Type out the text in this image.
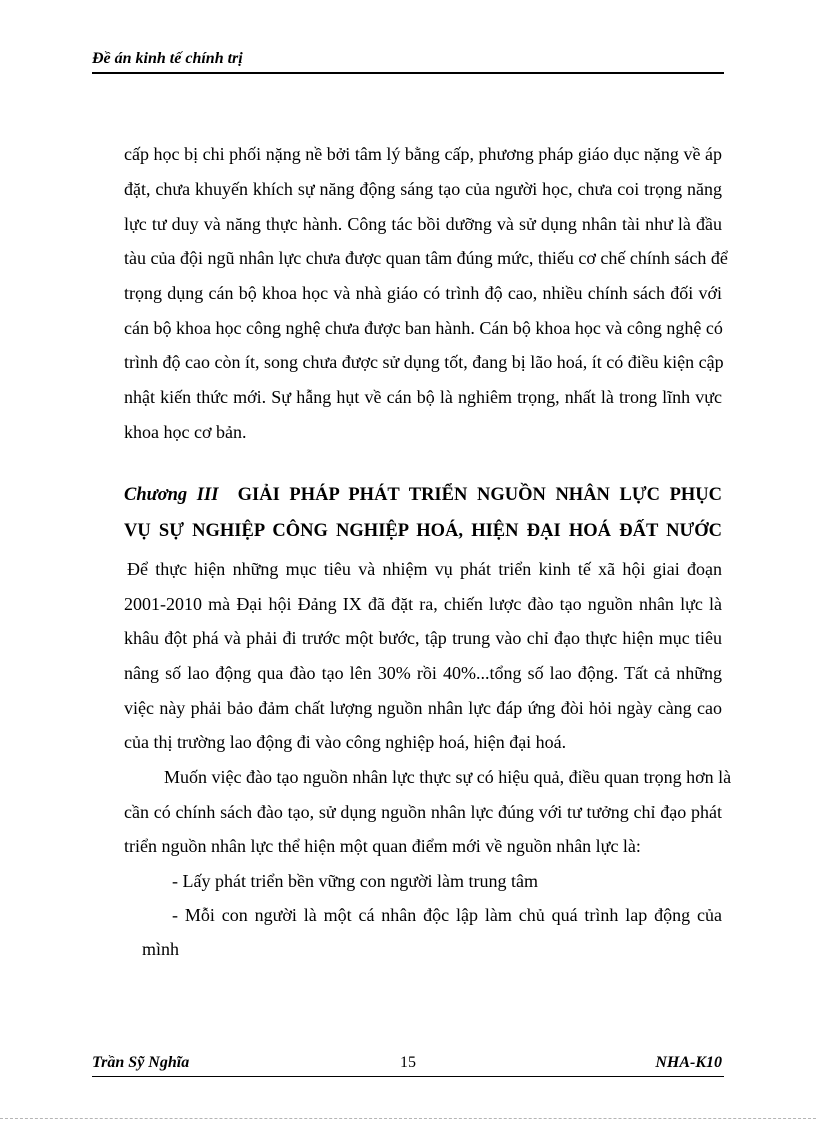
Đề án kinh tế chính trị
cấp học bị chi phối nặng nề bởi tâm lý bằng cấp, phương pháp giáo dục nặng về áp
đặt, chưa khuyến khích sự năng động sáng tạo của người học, chưa coi trọng năng
lực tư duy và năng thực hành. Công tác bồi dưỡng và sử dụng nhân tài như là đầu
tàu của đội ngũ nhân lực chưa được quan tâm đúng mức, thiếu cơ chế chính sách để
trọng dụng cán bộ khoa học và nhà giáo có trình độ cao, nhiều chính sách đối với
cán bộ khoa học công nghệ chưa được ban hành. Cán bộ khoa học và công nghệ có
trình độ cao còn ít, song chưa được sử dụng tốt, đang bị lão hoá, ít có điều kiện cập
nhật kiến thức mới. Sự hẫng hụt về cán bộ là nghiêm trọng, nhất là trong lĩnh vực
khoa học cơ bản.
Chương III GIẢI PHÁP PHÁT TRIỂN NGUỒN NHÂN LỰC PHỤC
VỤ SỰ NGHIỆP CÔNG NGHIỆP HOÁ, HIỆN ĐẠI HOÁ ĐẤT NƯỚC
Để thực hiện những mục tiêu và nhiệm vụ phát triển kinh tế xã hội giai đoạn
2001-2010 mà Đại hội Đảng IX đã đặt ra, chiến lược đào tạo nguồn nhân lực là
khâu đột phá và phải đi trước một bước, tập trung vào chỉ đạo thực hiện mục tiêu
nâng số lao động qua đào tạo lên 30% rồi 40%...tổng số lao động. Tất cả những
việc này phải bảo đảm chất lượng nguồn nhân lực đáp ứng đòi hỏi ngày càng cao
của thị trường lao động đi vào công nghiệp hoá, hiện đại hoá.
Muốn việc đào tạo nguồn nhân lực thực sự có hiệu quả, điều quan trọng hơn là
cần có chính sách đào tạo, sử dụng nguồn nhân lực đúng với tư tưởng chỉ đạo phát
triển nguồn nhân lực thể hiện một quan điểm mới về nguồn nhân lực là:
- Lấy phát triển bền vững con người làm trung tâm
- Mỗi con người là một cá nhân độc lập làm chủ quá trình lap động của
mình
Trần Sỹ Nghĩa	15	NHA-K10
